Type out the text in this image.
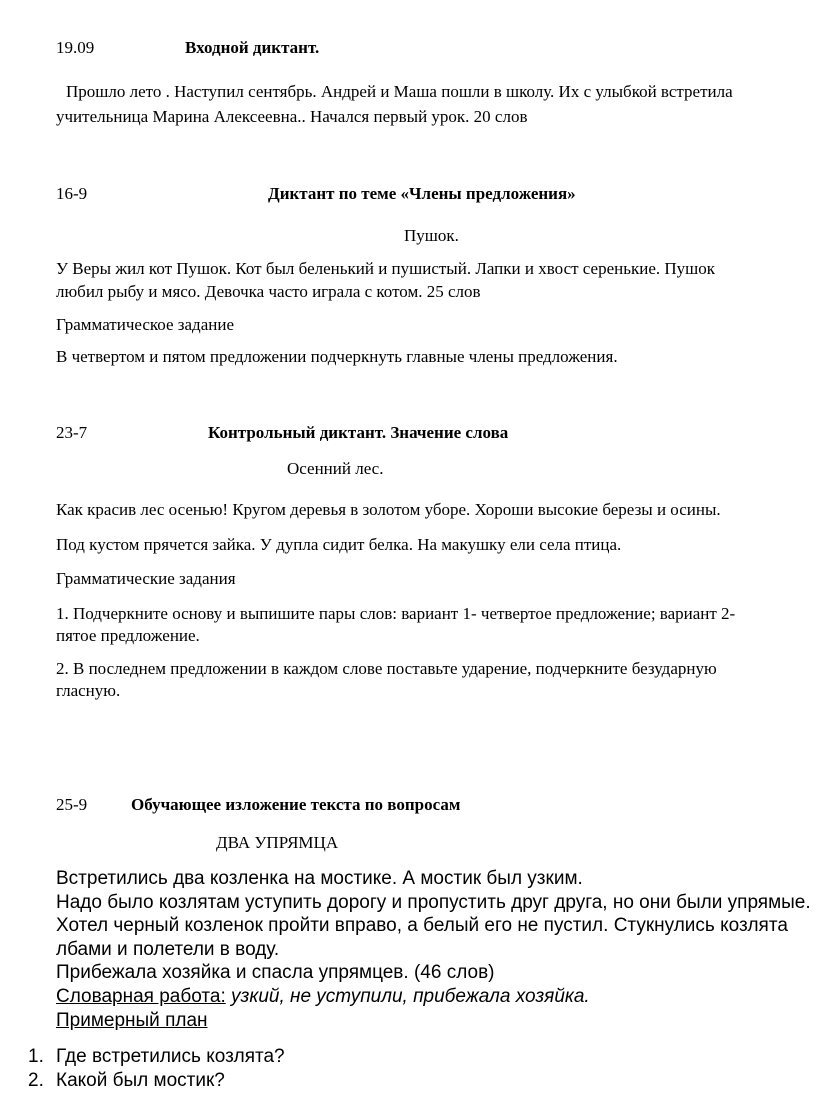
19.09	Входной диктант.
Прошло лето . Наступил сентябрь. Андрей и Маша пошли в школу. Их с улыбкой встретила
учительница Марина Алексеевна.. Начался первый урок. 20 слов
16-9	Диктант по теме «Члены предложения»
Пушок.
У Веры жил кот Пушок. Кот был беленький и пушистый. Лапки и хвост серенькие. Пушок
любил рыбу и мясо. Девочка часто играла с котом. 25 слов
Грамматическое задание
В четвертом и пятом предложении подчеркнуть главные члены предложения.
23-7	Контрольный диктант. Значение слова
Осенний лес.
Как красив лес осенью! Кругом деревья в золотом уборе. Хороши высокие березы и осины.
Под кустом прячется зайка. У дупла сидит белка. На макушку ели села птица.
Грамматические задания
1. Подчеркните основу и выпишите пары слов: вариант 1- четвертое предложение; вариант 2-
пятое предложение.
2. В последнем предложении в каждом слове поставьте ударение, подчеркните безударную
гласную.
25-9	Обучающее изложение текста по вопросам
ДВА УПРЯМЦА
Встретились два козленка на мостике. А мостик был узким.
Надо было козлятам уступить дорогу и пропустить друг друга, но они были упрямые.
Хотел черный козленок пройти вправо, а белый его не пустил. Стукнулись козлята
лбами и полетели в воду.
Прибежала хозяйка и спасла упрямцев. (46 слов)
Словарная работа: узкий, не уступили, прибежала хозяйка.
Примерный план
1. Где встретились козлята?
2. Какой был мостик?
